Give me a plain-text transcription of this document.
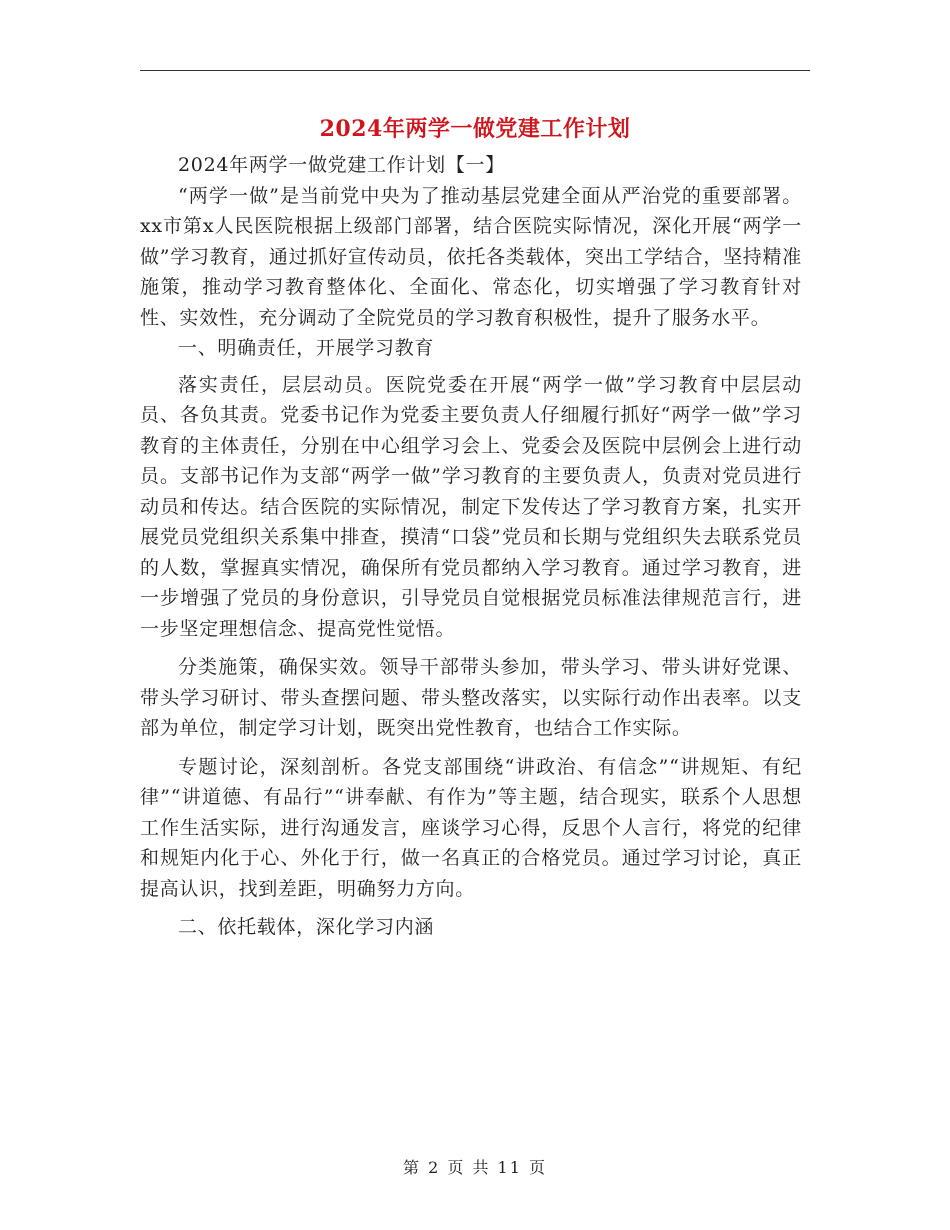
2024年两学一做党建工作计划

2024年两学一做党建工作计划【一】

“两学一做”是当前党中央为了推动基层党建全面从严治党的重要部署。xx市第x人民医院根据上级部门部署，结合医院实际情况，深化开展“两学一做”学习教育，通过抓好宣传动员，依托各类载体，突出工学结合，坚持精准施策，推动学习教育整体化、全面化、常态化，切实增强了学习教育针对性、实效性，充分调动了全院党员的学习教育积极性，提升了服务水平。

一、明确责任，开展学习教育

落实责任，层层动员。医院党委在开展“两学一做”学习教育中层层动员、各负其责。党委书记作为党委主要负责人仔细履行抓好“两学一做”学习教育的主体责任，分别在中心组学习会上、党委会及医院中层例会上进行动员。支部书记作为支部“两学一做”学习教育的主要负责人，负责对党员进行动员和传达。结合医院的实际情况，制定下发传达了学习教育方案，扎实开展党员党组织关系集中排查，摸清“口袋”党员和长期与党组织失去联系党员的人数，掌握真实情况，确保所有党员都纳入学习教育。通过学习教育，进一步增强了党员的身份意识，引导党员自觉根据党员标准法律规范言行，进一步坚定理想信念、提高党性觉悟。

分类施策，确保实效。领导干部带头参加，带头学习、带头讲好党课、带头学习研讨、带头查摆问题、带头整改落实，以实际行动作出表率。以支部为单位，制定学习计划，既突出党性教育，也结合工作实际。

专题讨论，深刻剖析。各党支部围绕“讲政治、有信念”“讲规矩、有纪律”“讲道德、有品行”“讲奉献、有作为”等主题，结合现实，联系个人思想工作生活实际，进行沟通发言，座谈学习心得，反思个人言行，将党的纪律和规矩内化于心、外化于行，做一名真正的合格党员。通过学习讨论，真正提高认识，找到差距，明确努力方向。

二、依托载体，深化学习内涵

第 2 页 共 11 页
